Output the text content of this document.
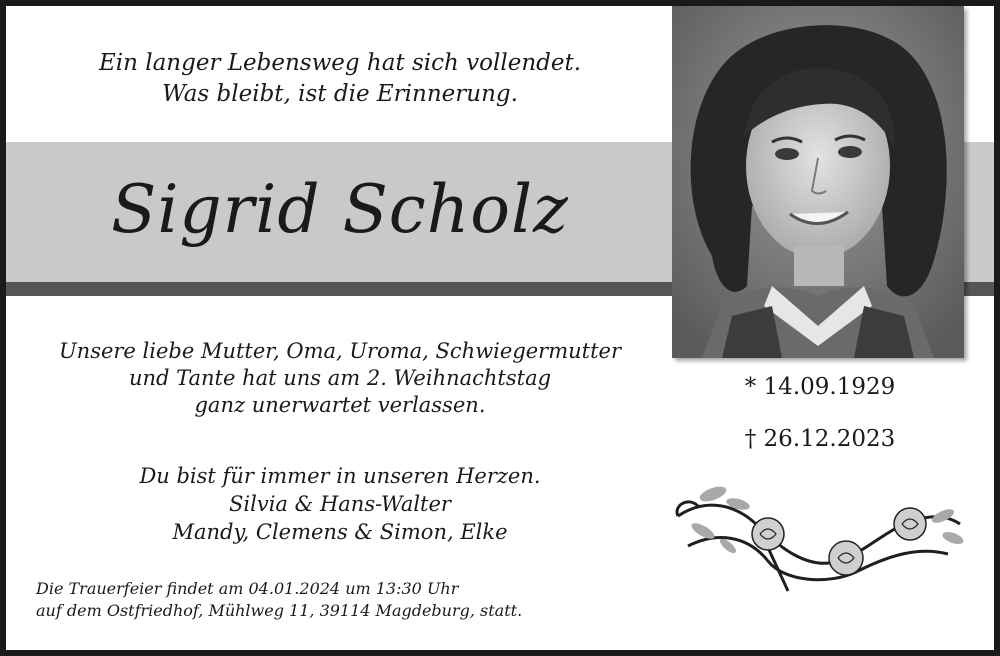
Ein langer Lebensweg hat sich vollendet.
Was bleibt, ist die Erinnerung.
Sigrid Scholz
Unsere liebe Mutter, Oma, Uroma, Schwiegermutter
und Tante hat uns am 2. Weihnachtstag
ganz unerwartet verlassen.
Du bist für immer in unseren Herzen.
Silvia & Hans-Walter
Mandy, Clemens & Simon, Elke
Die Trauerfeier findet am 04.01.2024 um 13:30 Uhr
auf dem Ostfriedhof, Mühlweg 11, 39114 Magdeburg, statt.
* 14.09.1929
† 26.12.2023
